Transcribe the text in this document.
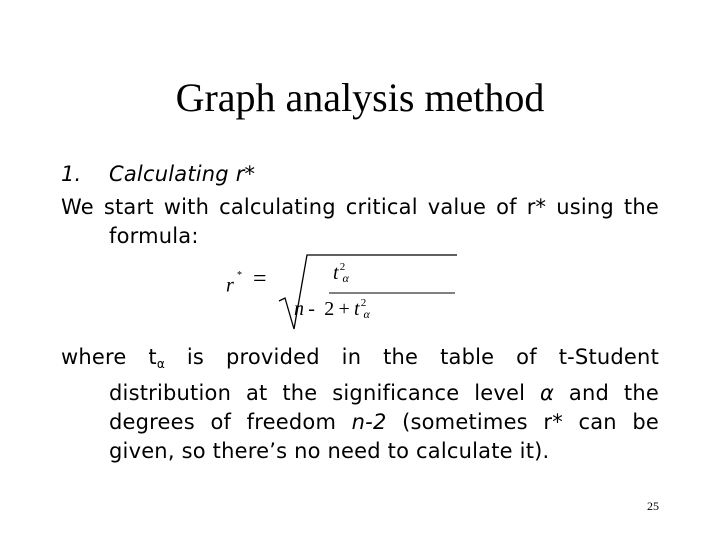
Graph analysis method

1. Calculating r*

We start with calculating critical value of r* using the formula:

r * =	$t^2_\alpha$
$n - 2 + t^2_\alpha$

where tα is provided in the table of t-Student distribution at the significance level α and the degrees of freedom n-2 (sometimes r* can be given, so there’s no need to calculate it).

25
